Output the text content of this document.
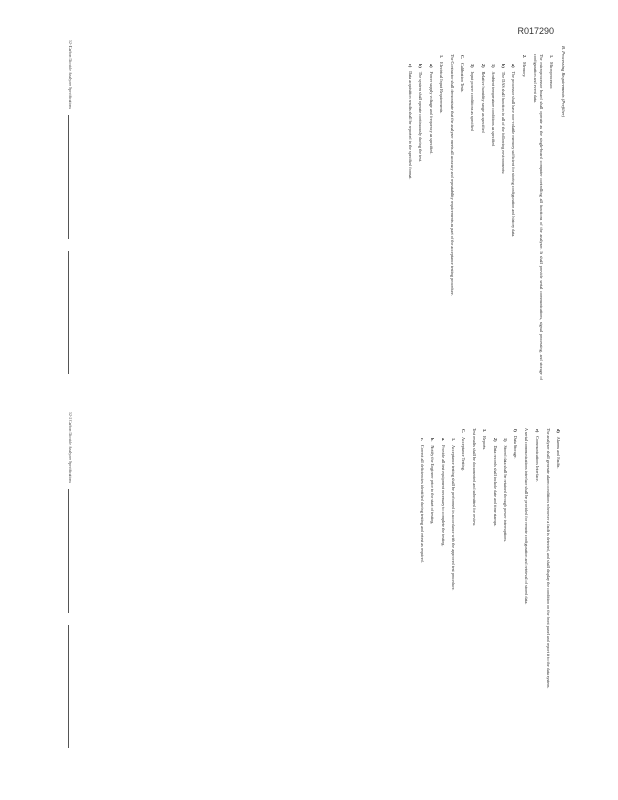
R017290
52-1
52-2
B. Processing Requirements (Prefilter)
1.Microprocessor.
The microprocessor board shall operate as the single-board computer controlling all functions of the analyzer. It shall provide serial communications, signal processing, and storage of configuration and event data.
2.Memory.
a)The processor shall have non-volatile memory sufficient for storing configuration and history data.
b)The DAS shall function in all of the following environments:
1)Ambient temperature conditions as specified
2)Relative humidity range as specified
3)Input power conditions as specified
C.Calibration Tests.
The Contractor shall demonstrate that the analyzer meets all accuracy and repeatability requirements as part of the acceptance testing procedure.
1.Electrical Input Requirements.
a)Power supply voltage and frequency as specified.
b)The system shall operate continuously during the test.
c)Data acquisition results shall be reported in the specified format.
Carbon Dioxide Analyzer Specifications
d)Alarms and Faults.
The analyzer shall generate alarm conditions whenever a fault is detected, and shall display the condition on the front panel and report it to the data system.
e)Communications Interface.
A serial communications interface shall be provided for remote configuration and retrieval of stored data.
f)Data Storage.
1)Stored data shall be retained through power interruptions.
2)Data records shall include date and time stamps.
3.Reports.
Test results shall be documented and submitted for review.
C.Acceptance Testing.
1.Acceptance testing shall be performed in accordance with the approved test procedure.
a.Provide all test equipment necessary to complete the testing.
b.Notify the Engineer prior to the start of testing.
c.Correct all deficiencies identified during testing and retest as required.
Carbon Dioxide Analyzer Specifications
